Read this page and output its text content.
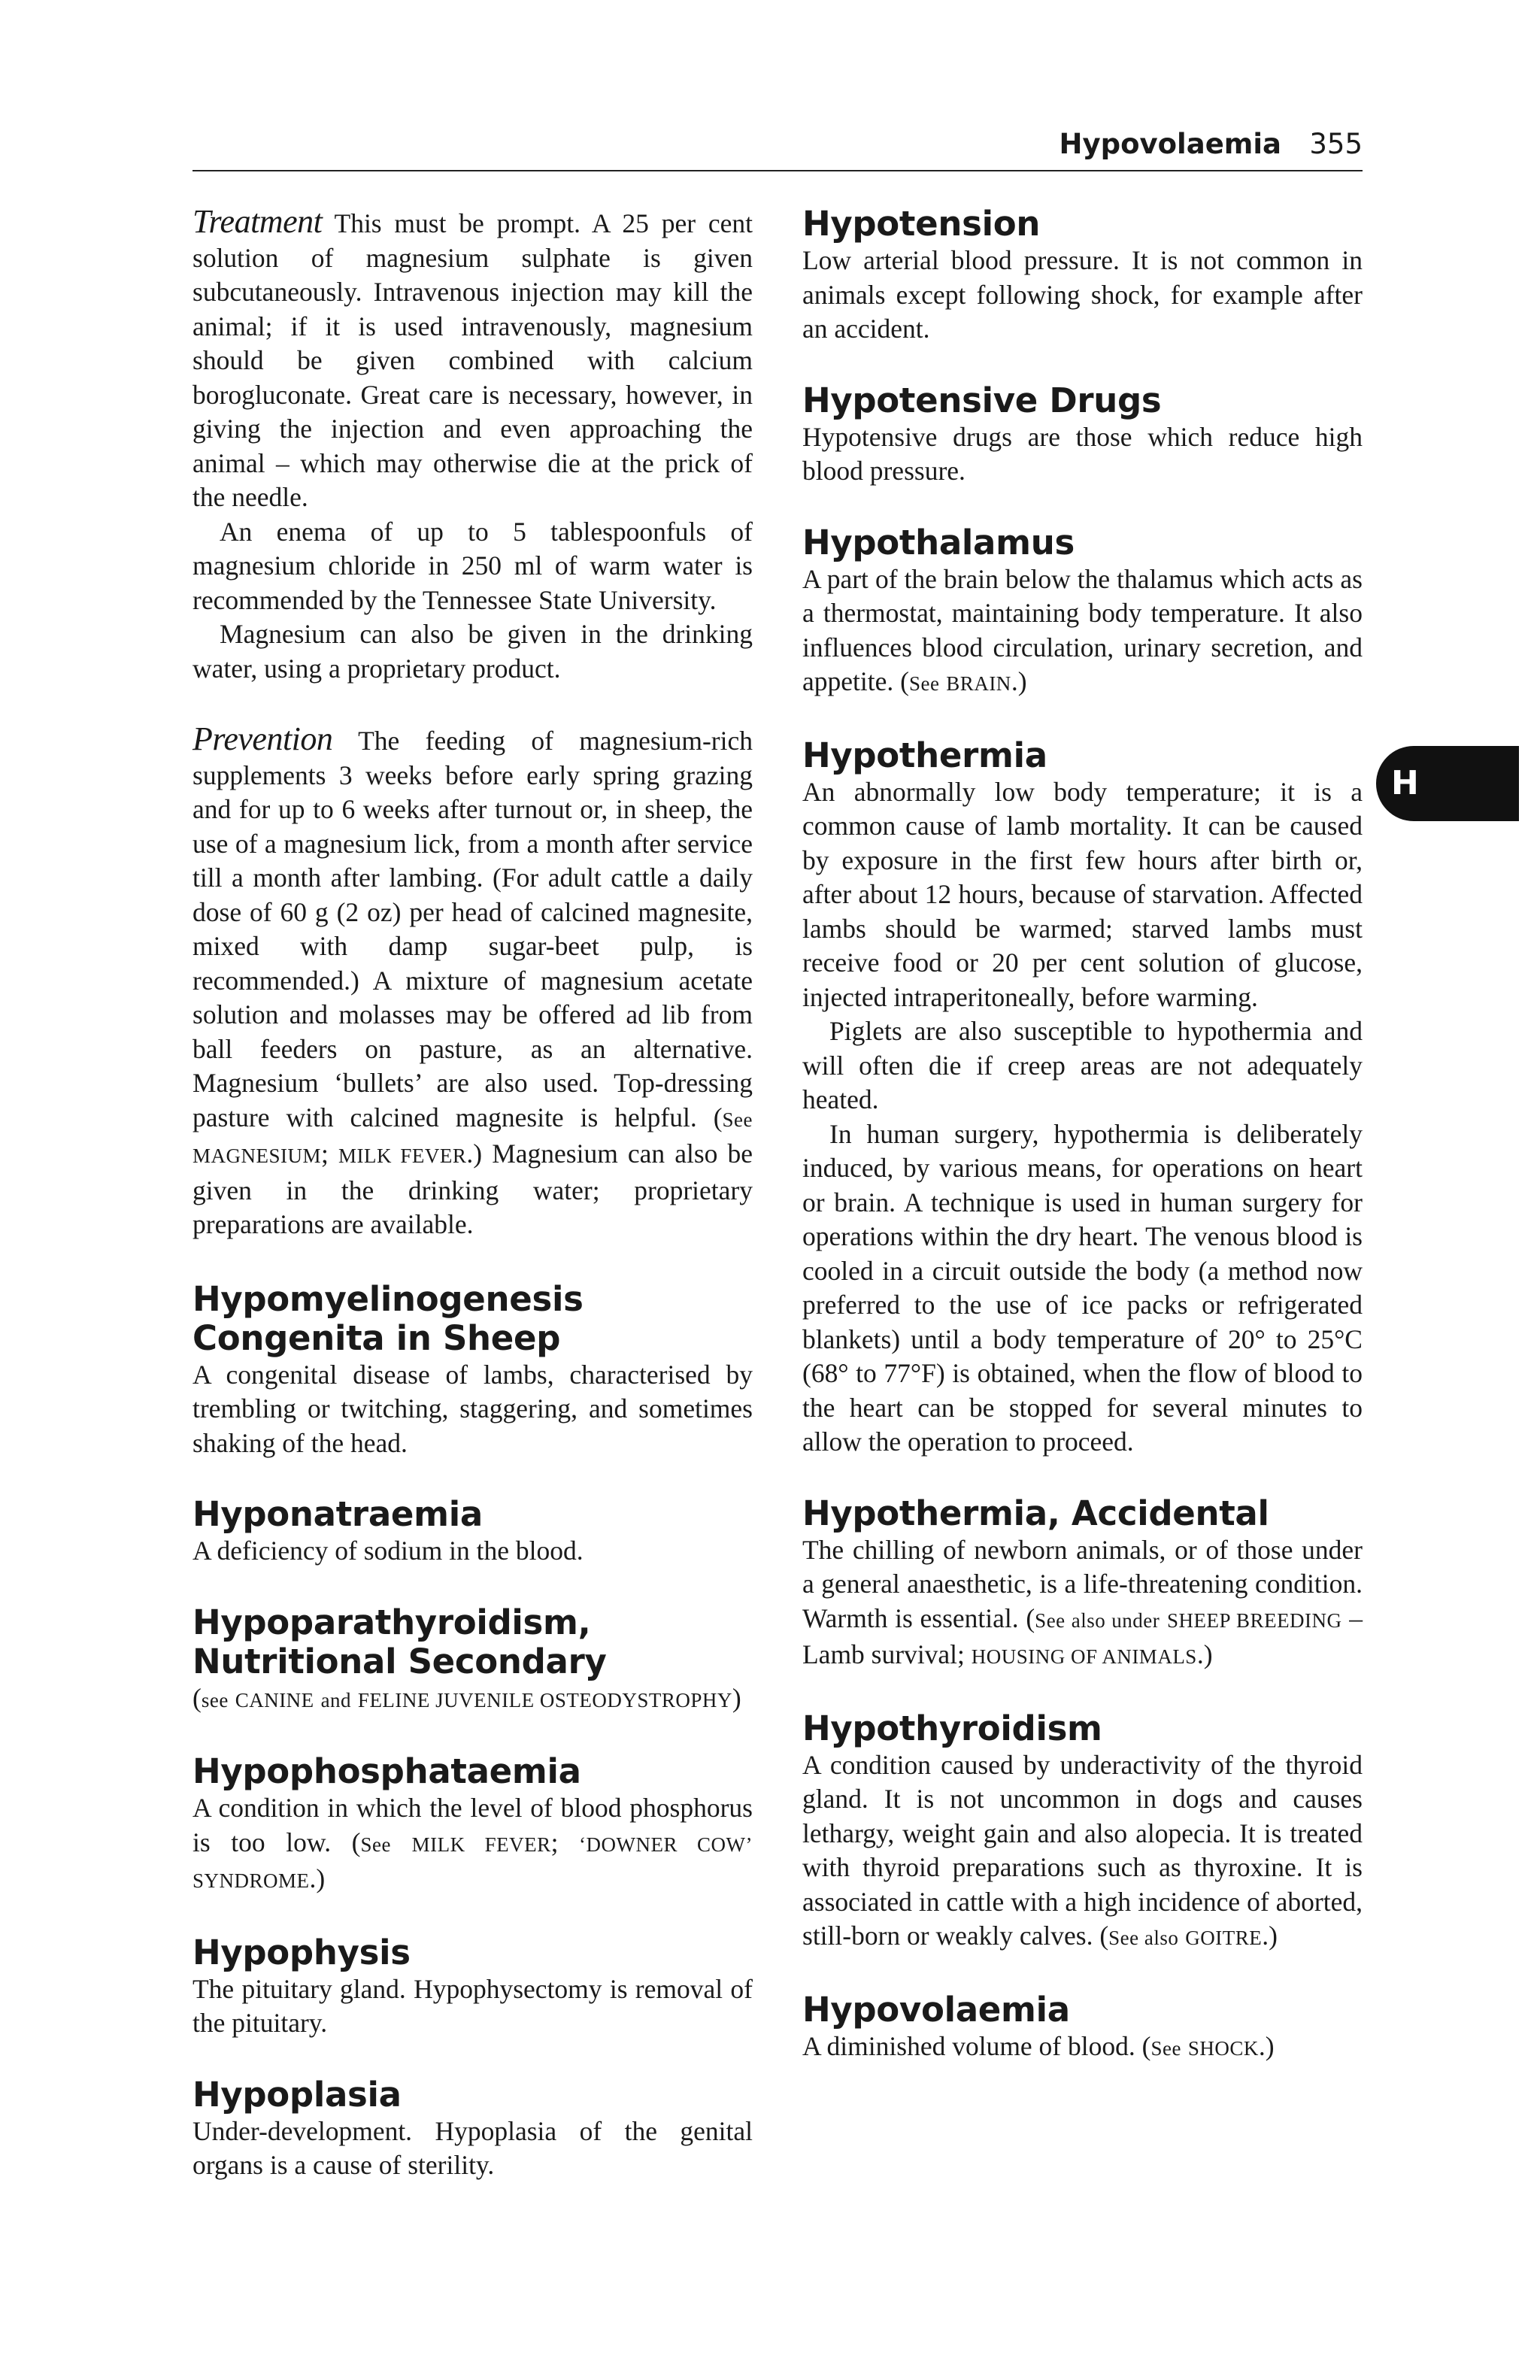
Hypovolaemia 355
H

Treatment This must be prompt. A 25 per cent solution of magnesium sulphate is given subcutaneously. Intravenous injection may kill the animal; if it is used intravenously, magnesium should be given combined with calcium borogluconate. Great care is necessary, however, in giving the injection and even approaching the animal – which may otherwise die at the prick of the needle.

An enema of up to 5 tablespoonfuls of magnesium chloride in 250 ml of warm water is recommended by the Tennessee State University.

Magnesium can also be given in the drinking water, using a proprietary product.

Prevention The feeding of magnesium-rich supplements 3 weeks before early spring grazing and for up to 6 weeks after turnout or, in sheep, the use of a magnesium lick, from a month after service till a month after lambing. (For adult cattle a daily dose of 60 g (2 oz) per head of calcined magnesite, mixed with damp sugar-beet pulp, is recommended.) A mixture of magnesium acetate solution and molasses may be offered ad lib from ball feeders on pasture, as an alternative. Magnesium ‘bullets’ are also used. Top-dressing pasture with calcined magnesite is helpful. (See MAGNESIUM; MILK FEVER.) Magnesium can also be given in the drinking water; proprietary preparations are available.

Hypomyelinogenesis Congenita in Sheep

A congenital disease of lambs, characterised by trembling or twitching, staggering, and sometimes shaking of the head.

Hyponatraemia

A deficiency of sodium in the blood.

Hypoparathyroidism, Nutritional Secondary

(see CANINE and FELINE JUVENILE OSTEODYSTROPHY)

Hypophosphataemia

A condition in which the level of blood phosphorus is too low. (See MILK FEVER; ‘DOWNER COW’ SYNDROME.)

Hypophysis

The pituitary gland. Hypophysectomy is removal of the pituitary.

Hypoplasia

Under-development. Hypoplasia of the genital organs is a cause of sterility.

Hypotension

Low arterial blood pressure. It is not common in animals except following shock, for example after an accident.

Hypotensive Drugs

Hypotensive drugs are those which reduce high blood pressure.

Hypothalamus

A part of the brain below the thalamus which acts as a thermostat, maintaining body temperature. It also influences blood circulation, urinary secretion, and appetite. (See BRAIN.)

Hypothermia

An abnormally low body temperature; it is a common cause of lamb mortality. It can be caused by exposure in the first few hours after birth or, after about 12 hours, because of starvation. Affected lambs should be warmed; starved lambs must receive food or 20 per cent solution of glucose, injected intraperitoneally, before warming.

Piglets are also susceptible to hypothermia and will often die if creep areas are not adequately heated.

In human surgery, hypothermia is deliberately induced, by various means, for operations on heart or brain. A technique is used in human surgery for operations within the dry heart. The venous blood is cooled in a circuit outside the body (a method now preferred to the use of ice packs or refrigerated blankets) until a body temperature of 20° to 25°C (68° to 77°F) is obtained, when the flow of blood to the heart can be stopped for several minutes to allow the operation to proceed.

Hypothermia, Accidental

The chilling of newborn animals, or of those under a general anaesthetic, is a life-threatening condition. Warmth is essential. (See also under SHEEP BREEDING – Lamb survival; HOUSING OF ANIMALS.)

Hypothyroidism

A condition caused by underactivity of the thyroid gland. It is not uncommon in dogs and causes lethargy, weight gain and also alopecia. It is treated with thyroid preparations such as thyroxine. It is associated in cattle with a high incidence of aborted, still-born or weakly calves. (See also GOITRE.)

Hypovolaemia

A diminished volume of blood. (See SHOCK.)
